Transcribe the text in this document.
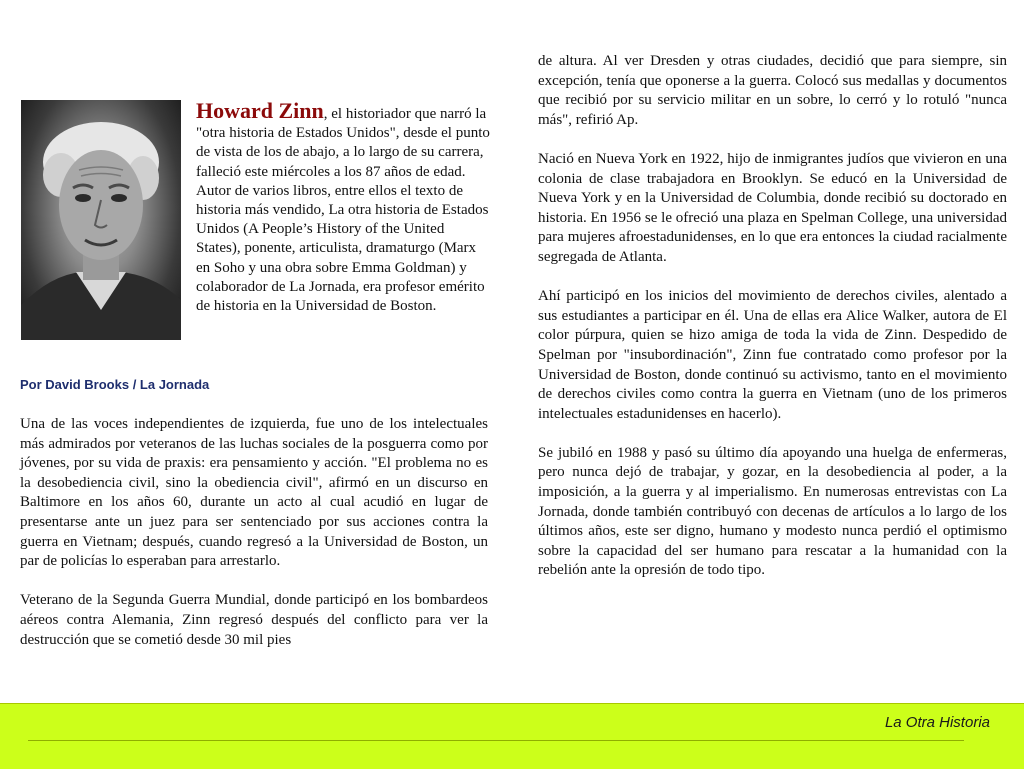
Howard Zinn, el historiador que narró la "otra historia de Estados Unidos", desde el punto de vista de los de abajo, a lo largo de su carrera, falleció este miércoles a los 87 años de edad. Autor de varios libros, entre ellos el texto de historia más vendido, La otra historia de Estados Unidos (A People’s History of the United States), ponente, articulista, dramaturgo (Marx en Soho y una obra sobre Emma Goldman) y colaborador de La Jornada, era profesor emérito de historia en la Universidad de Boston.
Por David Brooks / La Jornada

Una de las voces independientes de izquierda, fue uno de los intelectuales más admirados por veteranos de las luchas sociales de la posguerra como por jóvenes, por su vida de praxis: era pensamiento y acción. "El problema no es la desobediencia civil, sino la obediencia civil", afirmó en un discurso en Baltimore en los años 60, durante un acto al cual acudió en lugar de presentarse ante un juez para ser sentenciado por sus acciones contra la guerra en Vietnam; después, cuando regresó a la Universidad de Boston, un par de policías lo esperaban para arrestarlo.

Veterano de la Segunda Guerra Mundial, donde participó en los bombardeos aéreos contra Alemania, Zinn regresó después del conflicto para ver la destrucción que se cometió desde 30 mil pies

de altura. Al ver Dresden y otras ciudades, decidió que para siempre, sin excepción, tenía que oponerse a la guerra. Colocó sus medallas y documentos que recibió por su servicio militar en un sobre, lo cerró y lo rotuló "nunca más", refirió Ap.

Nació en Nueva York en 1922, hijo de inmigrantes judíos que vivieron en una colonia de clase trabajadora en Brooklyn. Se educó en la Universidad de Nueva York y en la Universidad de Columbia, donde recibió su doctorado en historia. En 1956 se le ofreció una plaza en Spelman College, una universidad para mujeres afroestadunidenses, en lo que era entonces la ciudad racialmente segregada de Atlanta.

Ahí participó en los inicios del movimiento de derechos civiles, alentado a sus estudiantes a participar en él. Una de ellas era Alice Walker, autora de El color púrpura, quien se hizo amiga de toda la vida de Zinn. Despedido de Spelman por "insubordinación", Zinn fue contratado como profesor por la Universidad de Boston, donde continuó su activismo, tanto en el movimiento de derechos civiles como contra la guerra en Vietnam (uno de los primeros intelectuales estadunidenses en hacerlo).

Se jubiló en 1988 y pasó su último día apoyando una huelga de enfermeras, pero nunca dejó de trabajar, y gozar, en la desobediencia al poder, a la imposición, a la guerra y al imperialismo. En numerosas entrevistas con La Jornada, donde también contribuyó con decenas de artículos a lo largo de los últimos años, este ser digno, humano y modesto nunca perdió el optimismo sobre la capacidad del ser humano para rescatar a la humanidad con la rebelión ante la opresión de todo tipo.

La Otra Historia
